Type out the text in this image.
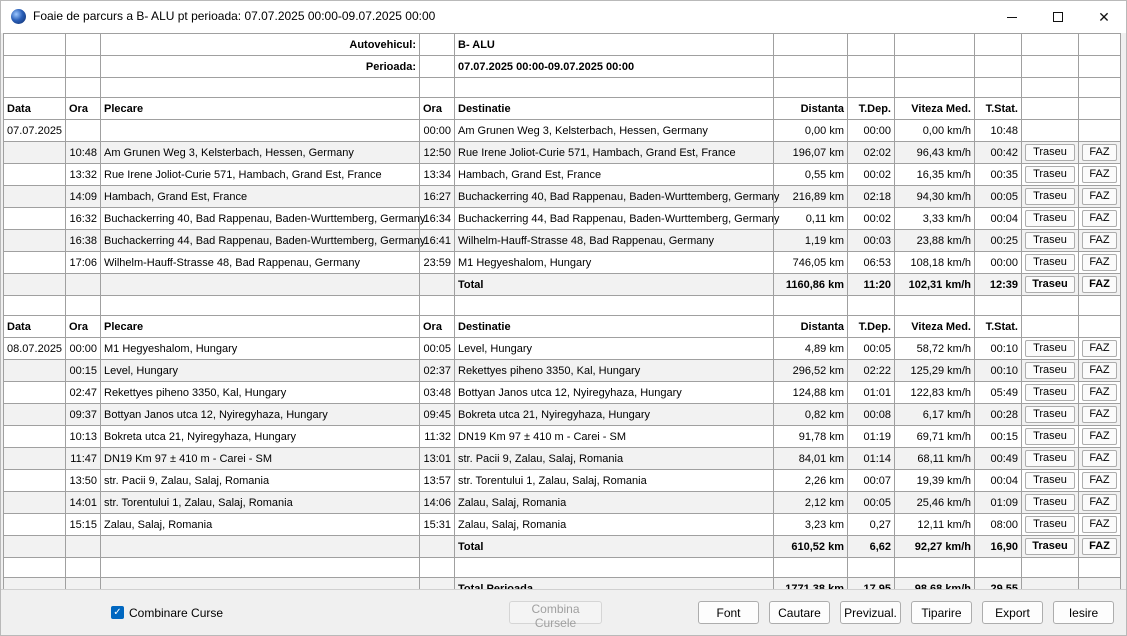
Foaie de parcurs a B- ALU pt perioada: 07.07.2025 00:00-09.07.2025 00:00	✕
		Autovehicul:		B- ALU						
		Perioada:		07.07.2025 00:00-09.07.2025 00:00						

Data	Ora	Plecare	Ora	Destinatie	Distanta	T.Dep.	Viteza Med.	T.Stat.		
07.07.2025			00:00	Am Grunen Weg 3, Kelsterbach, Hessen, Germany	0,00 km	00:00	0,00 km/h	10:48		
	10:48	Am Grunen Weg 3, Kelsterbach, Hessen, Germany	12:50	Rue Irene Joliot-Curie 571, Hambach, Grand Est, France	196,07 km	02:02	96,43 km/h	00:42	Traseu	FAZ

	13:32	Rue Irene Joliot-Curie 571, Hambach, Grand Est, France	13:34	Hambach, Grand Est, France	0,55 km	00:02	16,35 km/h	00:35	Traseu	FAZ

	14:09	Hambach, Grand Est, France	16:27	Buchackerring 40, Bad Rappenau, Baden-Wurttemberg, Germany	216,89 km	02:18	94,30 km/h	00:05	Traseu	FAZ

	16:32	Buchackerring 40, Bad Rappenau, Baden-Wurttemberg, Germany	16:34	Buchackerring 44, Bad Rappenau, Baden-Wurttemberg, Germany	0,11 km	00:02	3,33 km/h	00:04	Traseu	FAZ

	16:38	Buchackerring 44, Bad Rappenau, Baden-Wurttemberg, Germany	16:41	Wilhelm-Hauff-Strasse 48, Bad Rappenau, Germany	1,19 km	00:03	23,88 km/h	00:25	Traseu	FAZ

	17:06	Wilhelm-Hauff-Strasse 48, Bad Rappenau, Germany	23:59	M1 Hegyeshalom, Hungary	746,05 km	06:53	108,18 km/h	00:00	Traseu	FAZ

				Total	1160,86 km	11:20	102,31 km/h	12:39	Traseu	FAZ

Data	Ora	Plecare	Ora	Destinatie	Distanta	T.Dep.	Viteza Med.	T.Stat.		
08.07.2025	00:00	M1 Hegyeshalom, Hungary	00:05	Level, Hungary	4,89 km	00:05	58,72 km/h	00:10	Traseu	FAZ

	00:15	Level, Hungary	02:37	Rekettyes piheno 3350, Kal, Hungary	296,52 km	02:22	125,29 km/h	00:10	Traseu	FAZ

	02:47	Rekettyes piheno 3350, Kal, Hungary	03:48	Bottyan Janos utca 12, Nyiregyhaza, Hungary	124,88 km	01:01	122,83 km/h	05:49	Traseu	FAZ

	09:37	Bottyan Janos utca 12, Nyiregyhaza, Hungary	09:45	Bokreta utca 21, Nyiregyhaza, Hungary	0,82 km	00:08	6,17 km/h	00:28	Traseu	FAZ

	10:13	Bokreta utca 21, Nyiregyhaza, Hungary	11:32	DN19 Km 97 ± 410 m - Carei - SM	91,78 km	01:19	69,71 km/h	00:15	Traseu	FAZ

	11:47	DN19 Km 97 ± 410 m - Carei - SM	13:01	str. Pacii 9, Zalau, Salaj, Romania	84,01 km	01:14	68,11 km/h	00:49	Traseu	FAZ

	13:50	str. Pacii 9, Zalau, Salaj, Romania	13:57	str. Torentului 1, Zalau, Salaj, Romania	2,26 km	00:07	19,39 km/h	00:04	Traseu	FAZ

	14:01	str. Torentului 1, Zalau, Salaj, Romania	14:06	Zalau, Salaj, Romania	2,12 km	00:05	25,46 km/h	01:09	Traseu	FAZ

	15:15	Zalau, Salaj, Romania	15:31	Zalau, Salaj, Romania	3,23 km	0,27	12,11 km/h	08:00	Traseu	FAZ

				Total	610,52 km	6,62	92,27 km/h	16,90	Traseu	FAZ

✓ Combinare Curse	Combina Cursele
Font	Cautare	Previzual.	Tiparire	Export	Iesire
